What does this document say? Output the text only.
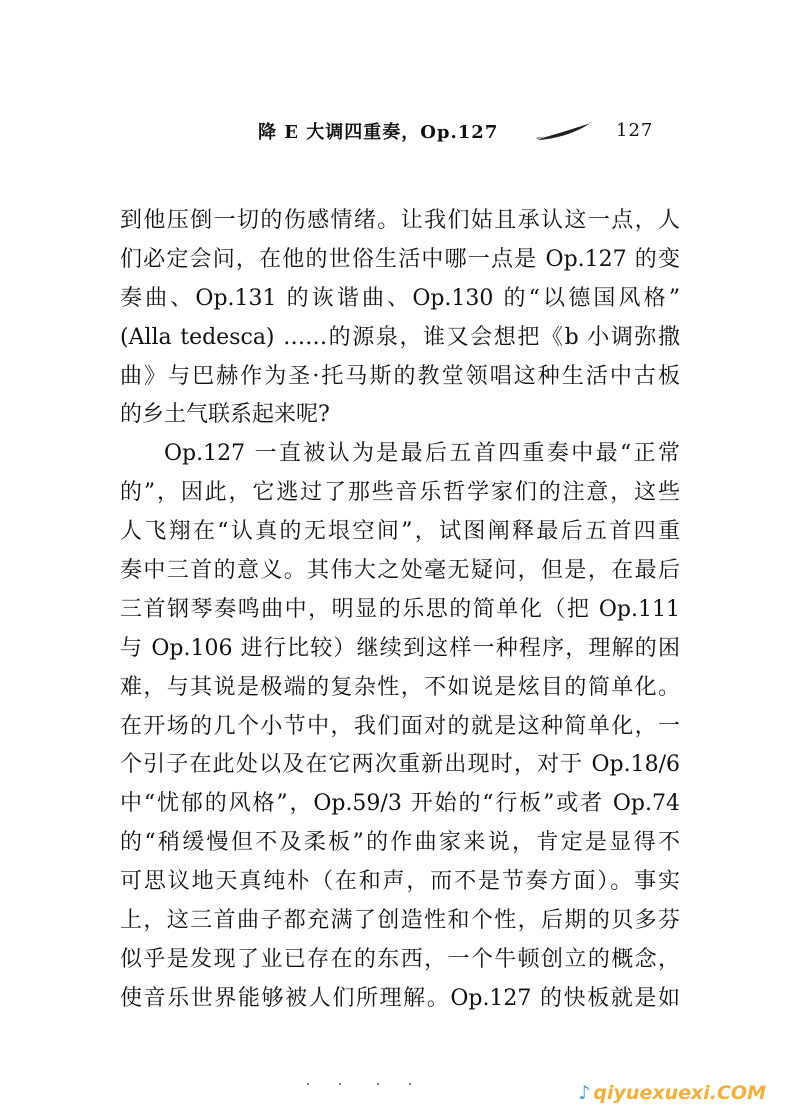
降 E 大调四重奏，Op.127	127
到他压倒一切的伤感情绪。让我们姑且承认这一点，人
们必定会问，在他的世俗生活中哪一点是 Op.127 的变
奏曲、Op.131 的诙谐曲、Op.130 的“以德国风格”
(Alla tedesca) ……的源泉，谁又会想把《b 小调弥撒
曲》与巴赫作为圣·托马斯的教堂领唱这种生活中古板
的乡土气联系起来呢?
Op.127 一直被认为是最后五首四重奏中最“正常
的”，因此，它逃过了那些音乐哲学家们的注意，这些
人飞翔在“认真的无垠空间”，试图阐释最后五首四重
奏中三首的意义。其伟大之处毫无疑问，但是，在最后
三首钢琴奏鸣曲中，明显的乐思的简单化（把 Op.111
与 Op.106 进行比较）继续到这样一种程序，理解的困
难，与其说是极端的复杂性，不如说是炫目的简单化。
在开场的几个小节中，我们面对的就是这种简单化，一
个引子在此处以及在它两次重新出现时，对于 Op.18/6
中“忧郁的风格”，Op.59/3 开始的“行板”或者 Op.74
的“稍缓慢但不及柔板”的作曲家来说，肯定是显得不
可思议地天真纯朴（在和声，而不是节奏方面）。事实
上，这三首曲子都充满了创造性和个性，后期的贝多芬
似乎是发现了业已存在的东西，一个牛顿创立的概念，
使音乐世界能够被人们所理解。Op.127 的快板就是如
♪ qiyuexuexi.COM
